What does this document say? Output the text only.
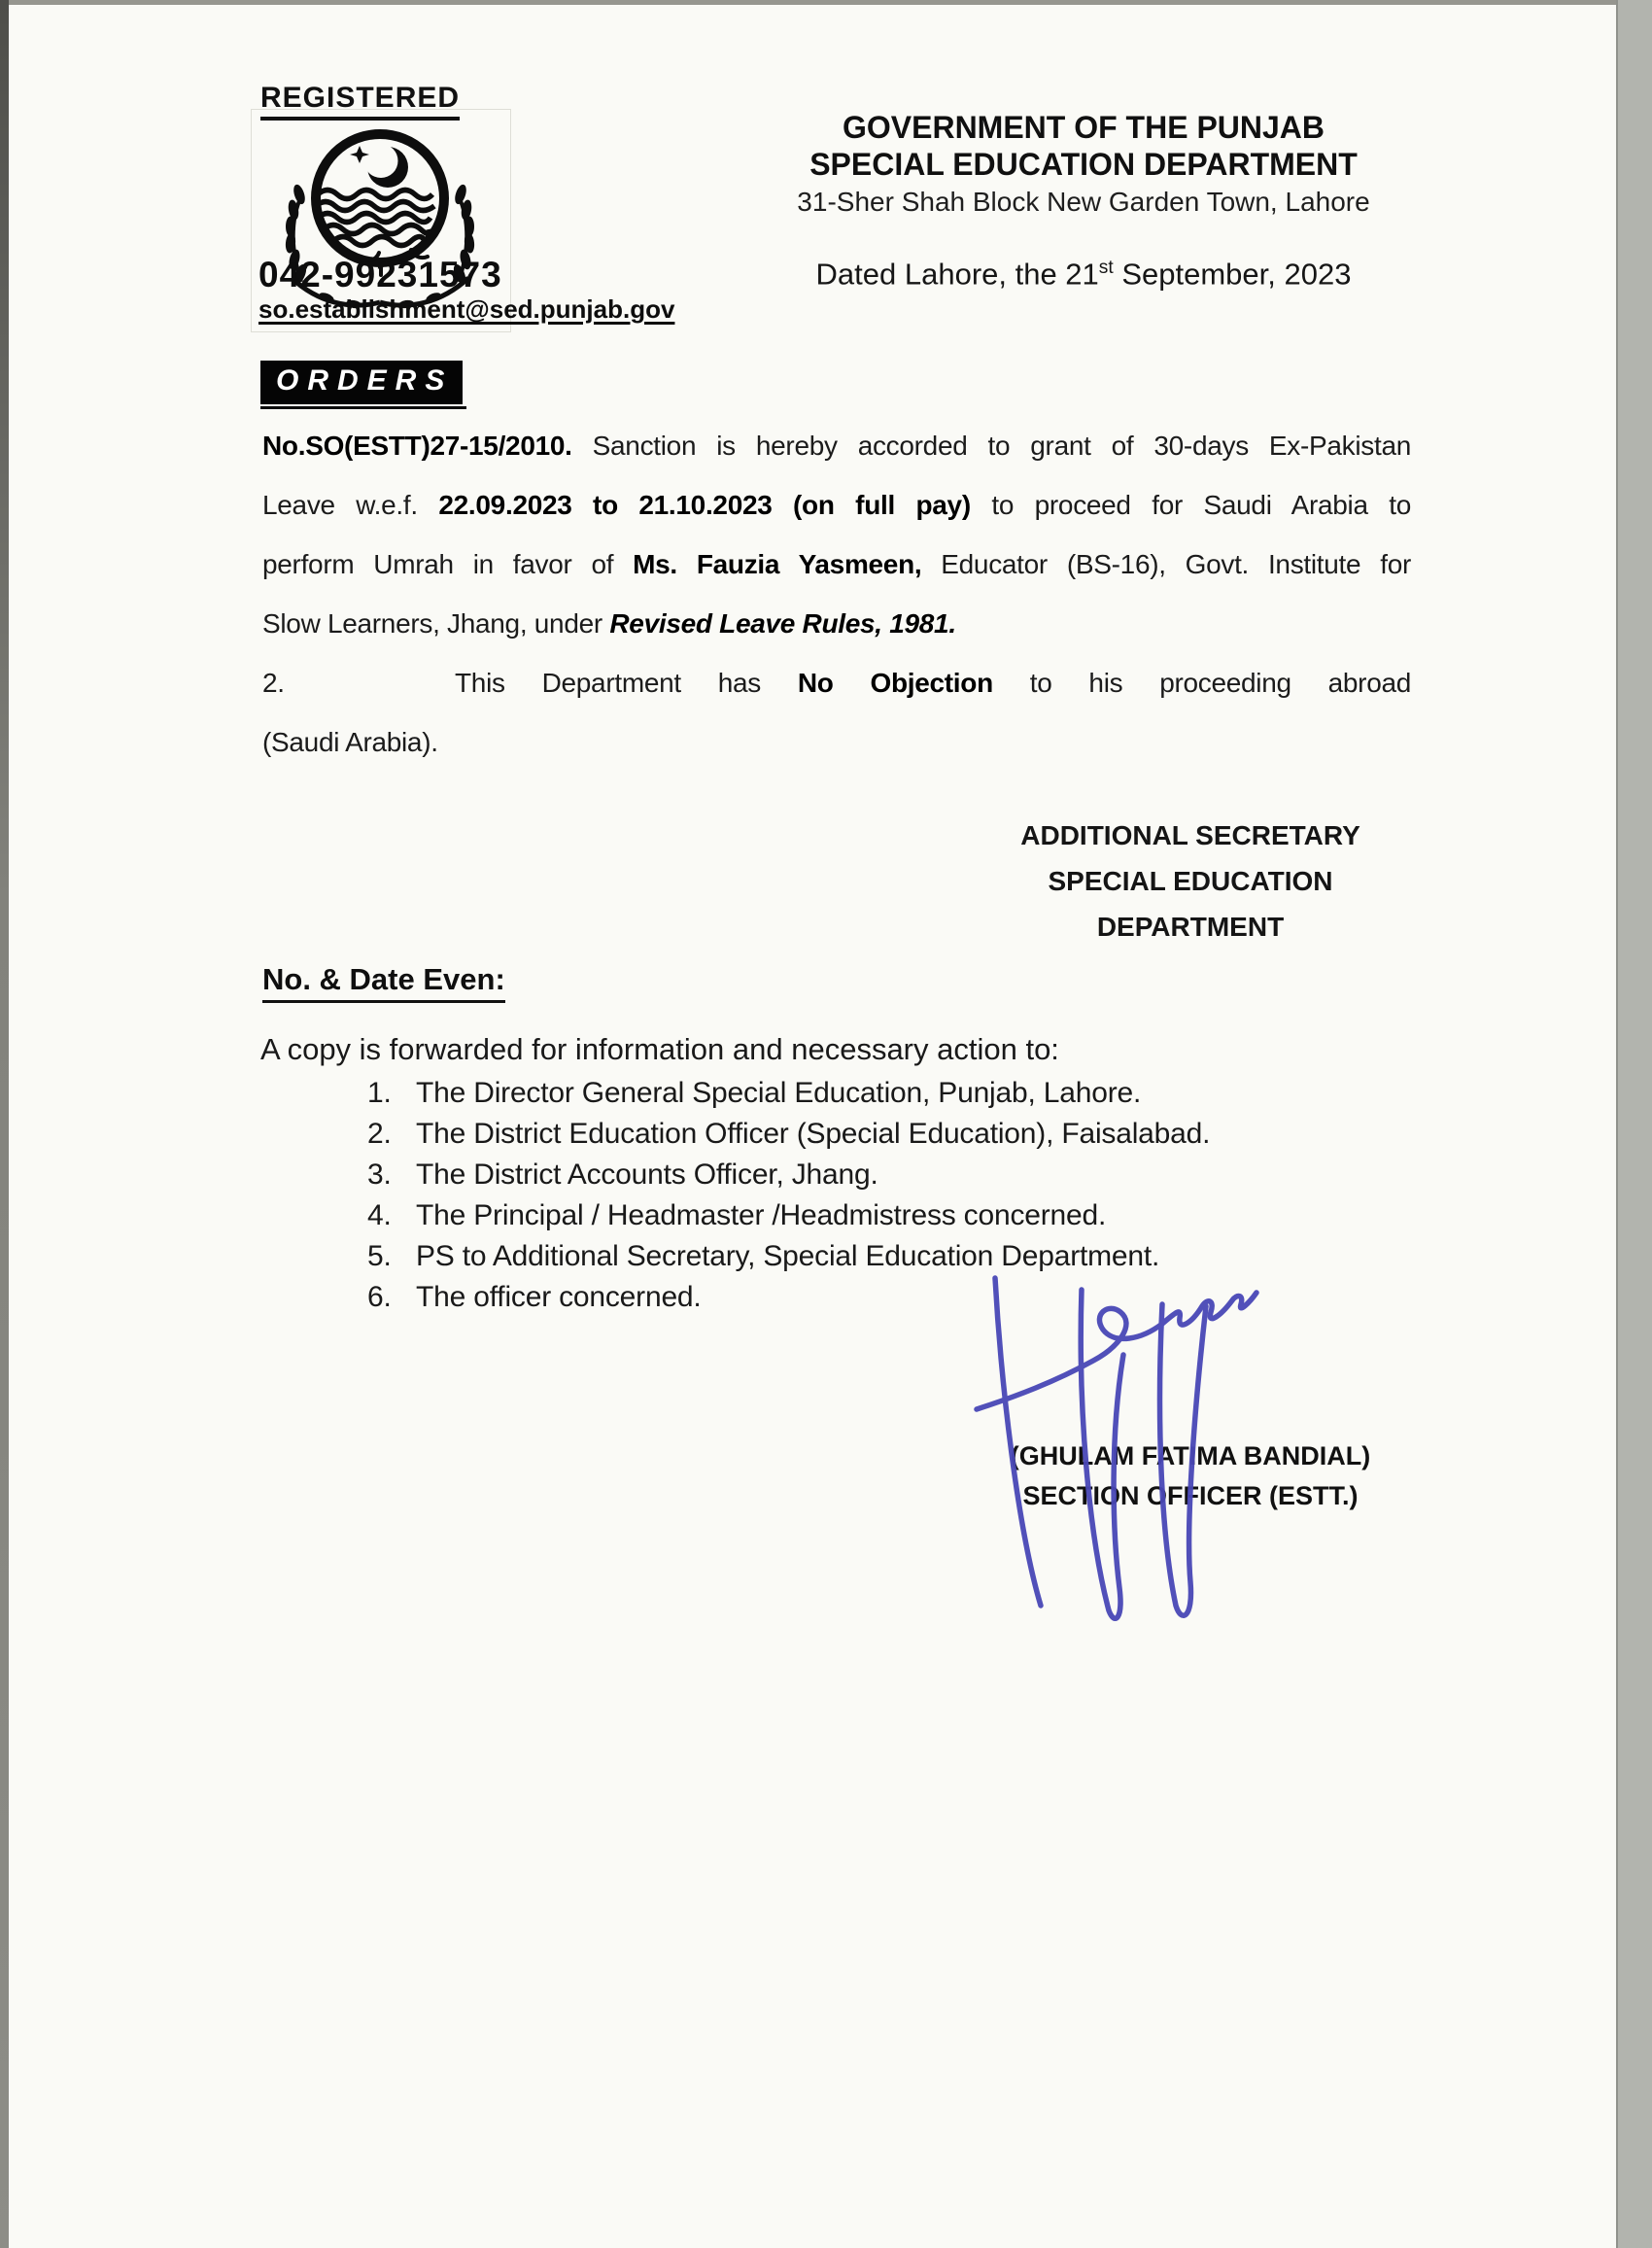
REGISTERED
042-99231573
so.establishment@sed.punjab.gov
GOVERNMENT OF THE PUNJAB
SPECIAL EDUCATION DEPARTMENT
31-Sher Shah Block New Garden Town, Lahore
Dated Lahore, the 21st September, 2023
ORDERS
No.SO(ESTT)27-15/2010. Sanction is hereby accorded to grant of 30-days Ex-Pakistan
Leave w.e.f. 22.09.2023 to 21.10.2023 (on full pay) to proceed for Saudi Arabia to
perform Umrah in favor of Ms. Fauzia Yasmeen, Educator (BS-16), Govt. Institute for
Slow Learners, Jhang, under Revised Leave Rules, 1981.
2.	This Department has No Objection to his proceeding abroad
(Saudi Arabia).
ADDITIONAL SECRETARY
SPECIAL EDUCATION
DEPARTMENT
No. & Date Even:
A copy is forwarded for information and necessary action to:
1. The Director General Special Education, Punjab, Lahore.
2. The District Education Officer (Special Education), Faisalabad.
3. The District Accounts Officer, Jhang.
4. The Principal / Headmaster /Headmistress concerned.
5. PS to Additional Secretary, Special Education Department.
6. The officer concerned.
(GHULAM FATIMA BANDIAL)
SECTION OFFICER (ESTT.)
